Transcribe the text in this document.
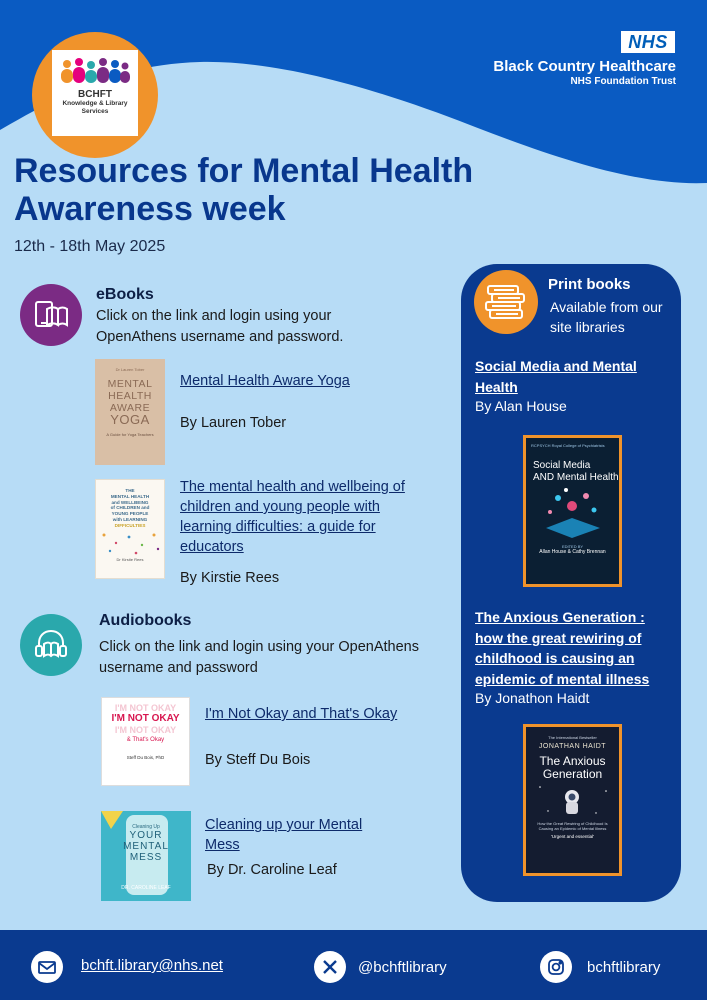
BCHFT
Knowledge & Library
Services
NHS
Black Country Healthcare
NHS Foundation Trust
Resources for Mental Health
Awareness week
12th - 18th May 2025
eBooks
Click on the link and login using your
OpenAthens username and password.
Dr Lauren Tober
MENTAL
HEALTH
AWARE
YOGA
A Guide for Yoga Teachers
Mental Health Aware Yoga
By Lauren Tober
THE
MENTAL HEALTH
and WELLBEING
of CHILDREN and
YOUNG PEOPLE
with LEARNING
DIFFICULTIES
Dr Kirstie Rees
The mental health and wellbeing of
children and young people with
learning difficulties: a guide for
educators
By Kirstie Rees
Audiobooks
Click on the link and login using your OpenAthens
username and password
I'M NOT OKAY
I'M NOT OKAY
I'M NOT OKAY
& That's Okay
Steff Du Bois, PhD
I'm Not Okay and That's Okay
By Steff Du Bois
Cleaning Up
YOUR
MENTAL
MESS
DR. CAROLINE LEAF
Cleaning up your Mental
Mess
By Dr. Caroline Leaf
Print books
Available from our
site libraries
Social Media and Mental
Health
By Alan House
RCPSYCH Royal College of Psychiatrists
Social Media
AND Mental Health
EDITED BY
Allan House & Cathy Brennan
The Anxious Generation :
how the great rewiring of
childhood is causing an
epidemic of mental illness
By Jonathon Haidt
The International Bestseller
JONATHAN HAIDT
The Anxious
Generation
How the Great Rewiring of Childhood Is Causing an Epidemic of Mental Illness
'Urgent and essential'
bchft.library@nhs.net	@bchftlibrary	bchftlibrary
